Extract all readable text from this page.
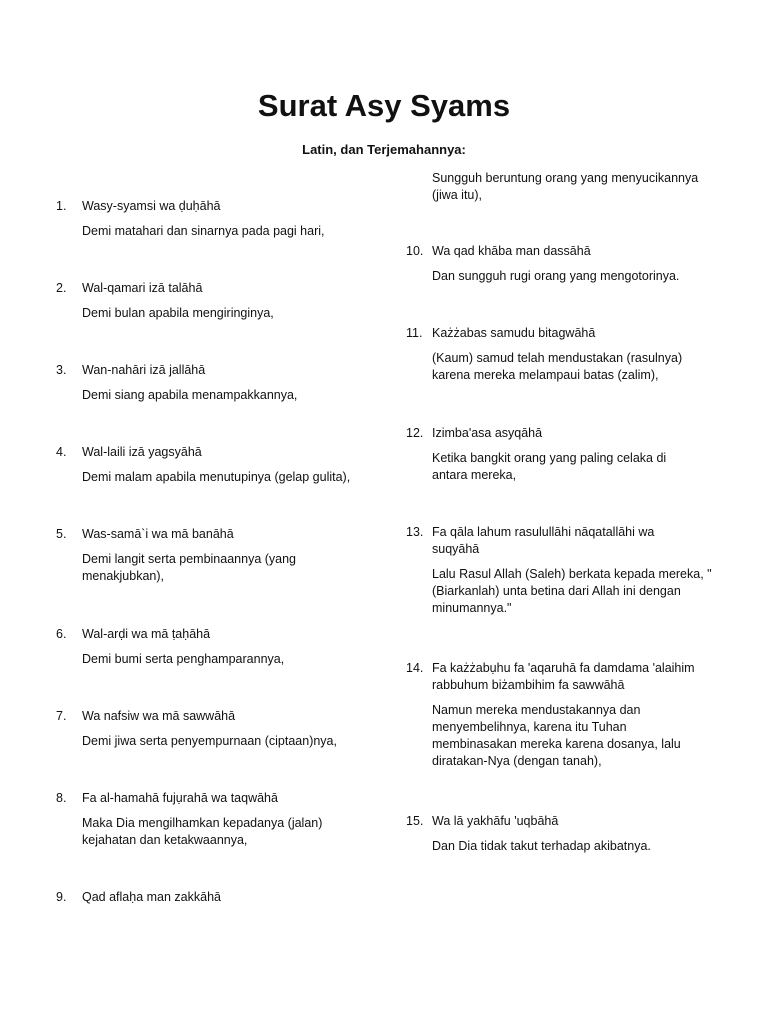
Surat Asy Syams

Latin, dan Terjemahannya:

1.	Wasy-syamsi wa ḍuḥāhā
Demi matahari dan sinarnya pada pagi hari,
2.	Wal-qamari izā talāhā
Demi bulan apabila mengiringinya,
3.	Wan-nahāri izā jallāhā
Demi siang apabila menampakkannya,
4.	Wal-laili izā yagsyāhā
Demi malam apabila menutupinya (gelap gulita),
5.	Was-samā`i wa mā banāhā
Demi langit serta pembinaannya (yang menakjubkan),
6.	Wal-arḍi wa mā ṭaḥāhā
Demi bumi serta penghamparannya,
7.	Wa nafsiw wa mā sawwāhā
Demi jiwa serta penyempurnaan (ciptaan)nya,
8.	Fa al-hamahā fujụrahā wa taqwāhā
Maka Dia mengilhamkan kepadanya (jalan) kejahatan dan ketakwaannya,
9.	Qad aflaḥa man zakkāhā
Sungguh beruntung orang yang menyucikannya (jiwa itu),
10. Wa qad khāba man dassāhā
Dan sungguh rugi orang yang mengotorinya.
11. Każżabas samudu bitagwāhā
(Kaum) samud telah mendustakan (rasulnya) karena mereka melampaui batas (zalim),
12. Izimba'asa asyqāhā
Ketika bangkit orang yang paling celaka di antara mereka,
13. Fa qāla lahum rasulullāhi nāqatallāhi wa suqyāhā
Lalu Rasul Allah (Saleh) berkata kepada mereka, "(Biarkanlah) unta betina dari Allah ini dengan minumannya."
14. Fa każżabụhu fa 'aqaruhā fa damdama 'alaihim rabbuhum biżambihim fa sawwāhā
Namun mereka mendustakannya dan menyembelihnya, karena itu Tuhan membinasakan mereka karena dosanya, lalu diratakan-Nya (dengan tanah),
15. Wa lā yakhāfu 'uqbāhā
Dan Dia tidak takut terhadap akibatnya.
